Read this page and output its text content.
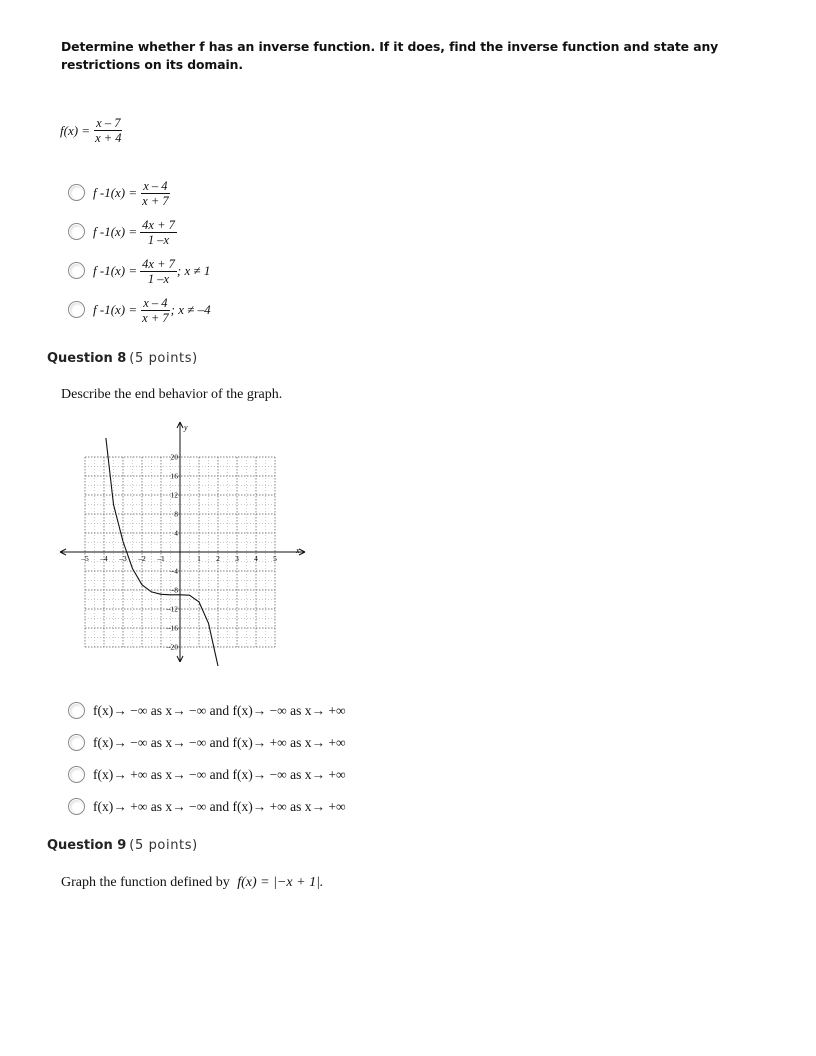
Determine whether f has an inverse function. If it does, find the inverse function and state any restrictions on its domain.
$f(x) = \frac{x - 7}{x + 4}$
f $-1(x) = \frac{x - 4}{x + 7}$
f $-1(x) = \frac{4x + 7}{1 -x}$
f $-1(x) = \frac{4x + 7}{1 -x}$ ; x ≠ 1
f $-1(x) = \frac{x - 4}{x + 7}$ ; x ≠ –4
Question 8 (5 points)
Describe the end behavior of the graph.
x
y
–5 –4 –3 –2 –1	1 2 3 4 5
20
16
12
8
4
–4
–8
–12
–16
–20
f(x)→ −∞ as x→ −∞ and f(x)→ −∞ as x→ +∞
f(x)→ −∞ as x→ −∞ and f(x)→ +∞ as x→ +∞
f(x)→ +∞ as x→ −∞ and f(x)→ −∞ as x→ +∞
f(x)→ +∞ as x→ −∞ and f(x)→ +∞ as x→ +∞
Question 9 (5 points)
Graph the function defined by f(x) = |−x + 1|.
